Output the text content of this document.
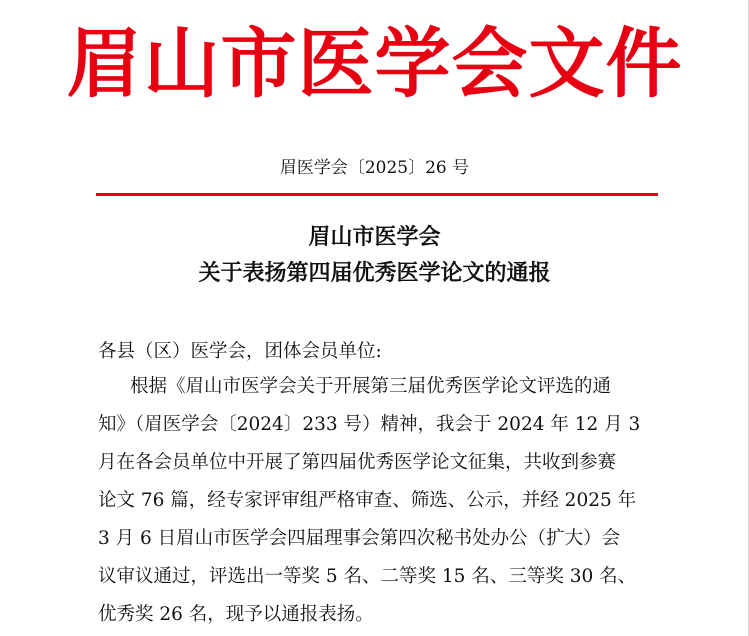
眉山市医学会文件
眉医学会〔2025〕26 号
眉山市医学会
关于表扬第四届优秀医学论文的通报
各县（区）医学会，团体会员单位:
根据《眉山市医学会关于开展第三届优秀医学论文评选的通
知》（眉医学会〔2024〕233 号）精神，我会于 2024 年 12 月 3
月在各会员单位中开展了第四届优秀医学论文征集，共收到参赛
论文 76 篇，经专家评审组严格审查、筛选、公示，并经 2025 年
3 月 6 日眉山市医学会四届理事会第四次秘书处办公（扩大）会
议审议通过，评选出一等奖 5 名、二等奖 15 名、三等奖 30 名、
优秀奖 26 名，现予以通报表扬。
